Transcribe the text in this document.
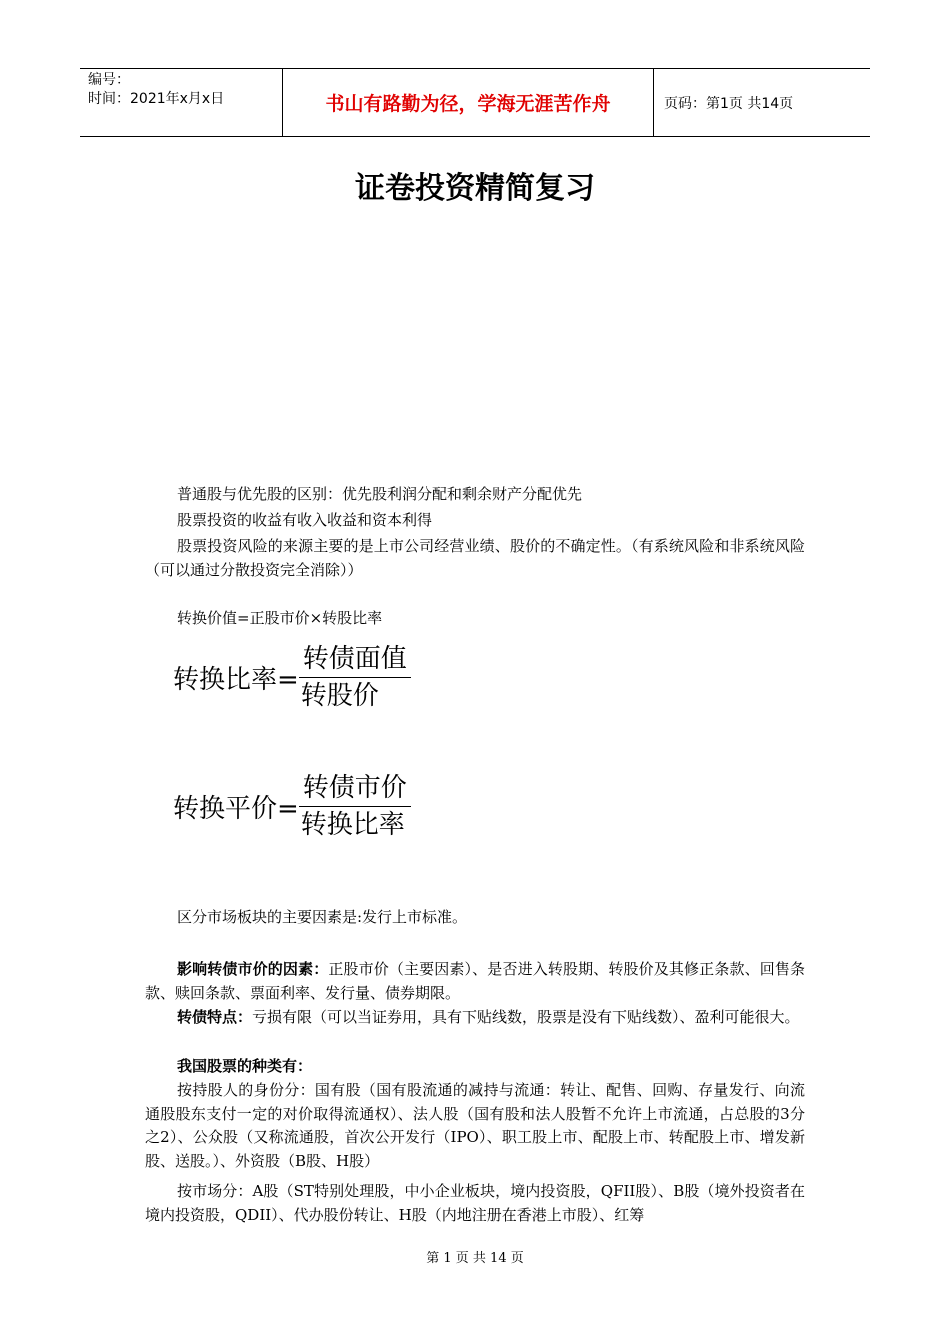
编号：
时间：2021年x月x日	书山有路勤为径，学海无涯苦作舟	页码：第1页 共14页
证卷投资精简复习

普通股与优先股的区别：优先股利润分配和剩余财产分配优先

股票投资的收益有收入收益和资本利得

股票投资风险的来源主要的是上市公司经营业绩、股价的不确定性。（有系统风险和非系统风险（可以通过分散投资完全消除））

转换价值=正股市价×转股比率

转换比率= $\frac{\text{转债面值}}{\text{转股价}}$
转换平价= $\frac{\text{转债市价}}{\text{转换比率}}$

区分市场板块的主要因素是:发行上市标准。

影响转债市价的因素：正股市价（主要因素）、是否进入转股期、转股价及其修正条款、回售条款、赎回条款、票面利率、发行量、债券期限。

转债特点：亏损有限（可以当证券用，具有下贴线数，股票是没有下贴线数）、盈利可能很大。

我国股票的种类有：

按持股人的身份分：国有股（国有股流通的减持与流通：转让、配售、回购、存量发行、向流通股股东支付一定的对价取得流通权）、法人股（国有股和法人股暂不允许上市流通，占总股的3分之2）、公众股（又称流通股，首次公开发行（IPO）、职工股上市、配股上市、转配股上市、增发新股、送股。）、外资股（B股、H股）

按市场分：A股（ST特别处理股，中小企业板块，境内投资股，QFII股）、B股（境外投资者在境内投资股，QDII）、代办股份转让、H股（内地注册在香港上市股）、红筹

第 1 页 共 14 页
